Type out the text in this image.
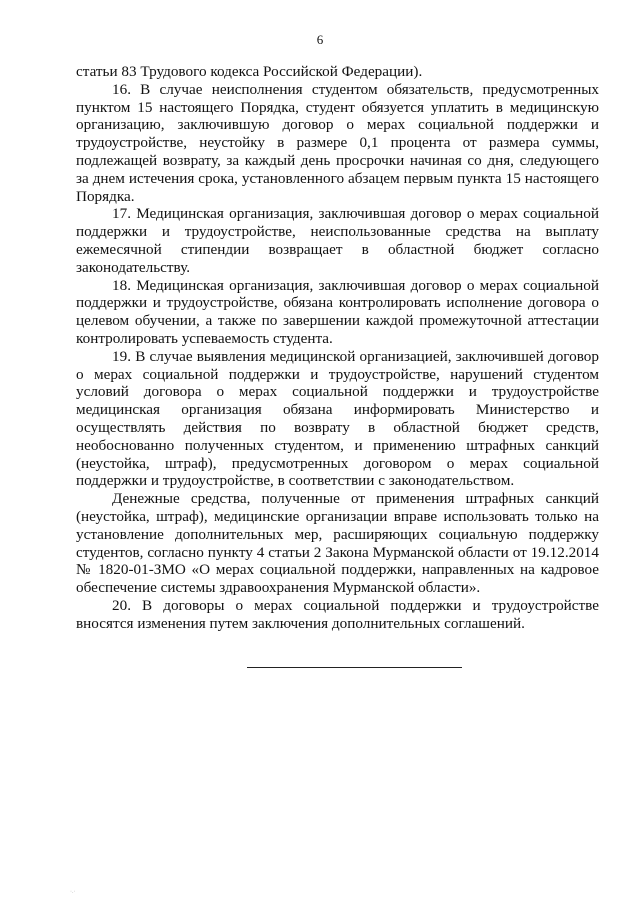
6

статьи 83 Трудового кодекса Российской Федерации).

16. В случае неисполнения студентом обязательств, предусмотренных пунктом 15 настоящего Порядка, студент обязуется уплатить в медицинскую организацию, заключившую договор о мерах социальной поддержки и трудоустройстве, неустойку в размере 0,1 процента от размера суммы, подлежащей возврату, за каждый день просрочки начиная со дня, следующего за днем истечения срока, установленного абзацем первым пункта 15 настоящего Порядка.

17. Медицинская организация, заключившая договор о мерах социальной поддержки и трудоустройстве, неиспользованные средства на выплату ежемесячной стипендии возвращает в областной бюджет согласно законодательству.

18. Медицинская организация, заключившая договор о мерах социальной поддержки и трудоустройстве, обязана контролировать исполнение договора о целевом обучении, а также по завершении каждой промежуточной аттестации контролировать успеваемость студента.

19. В случае выявления медицинской организацией, заключившей договор о мерах социальной поддержки и трудоустройстве, нарушений студентом условий договора о мерах социальной поддержки и трудоустройстве медицинская организация обязана информировать Министерство и осуществлять действия по возврату в областной бюджет средств, необоснованно полученных студентом, и применению штрафных санкций (неустойка, штраф), предусмотренных договором о мерах социальной поддержки и трудоустройстве, в соответствии с законодательством.

Денежные средства, полученные от применения штрафных санкций (неустойка, штраф), медицинские организации вправе использовать только на установление дополнительных мер, расширяющих социальную поддержку студентов, согласно пункту 4 статьи 2 Закона Мурманской области от 19.12.2014 № 1820-01-ЗМО «О мерах социальной поддержки, направленных на кадровое обеспечение системы здравоохранения Мурманской области».

20. В договоры о мерах социальной поддержки и трудоустройстве вносятся изменения путем заключения дополнительных соглашений.

·.·
